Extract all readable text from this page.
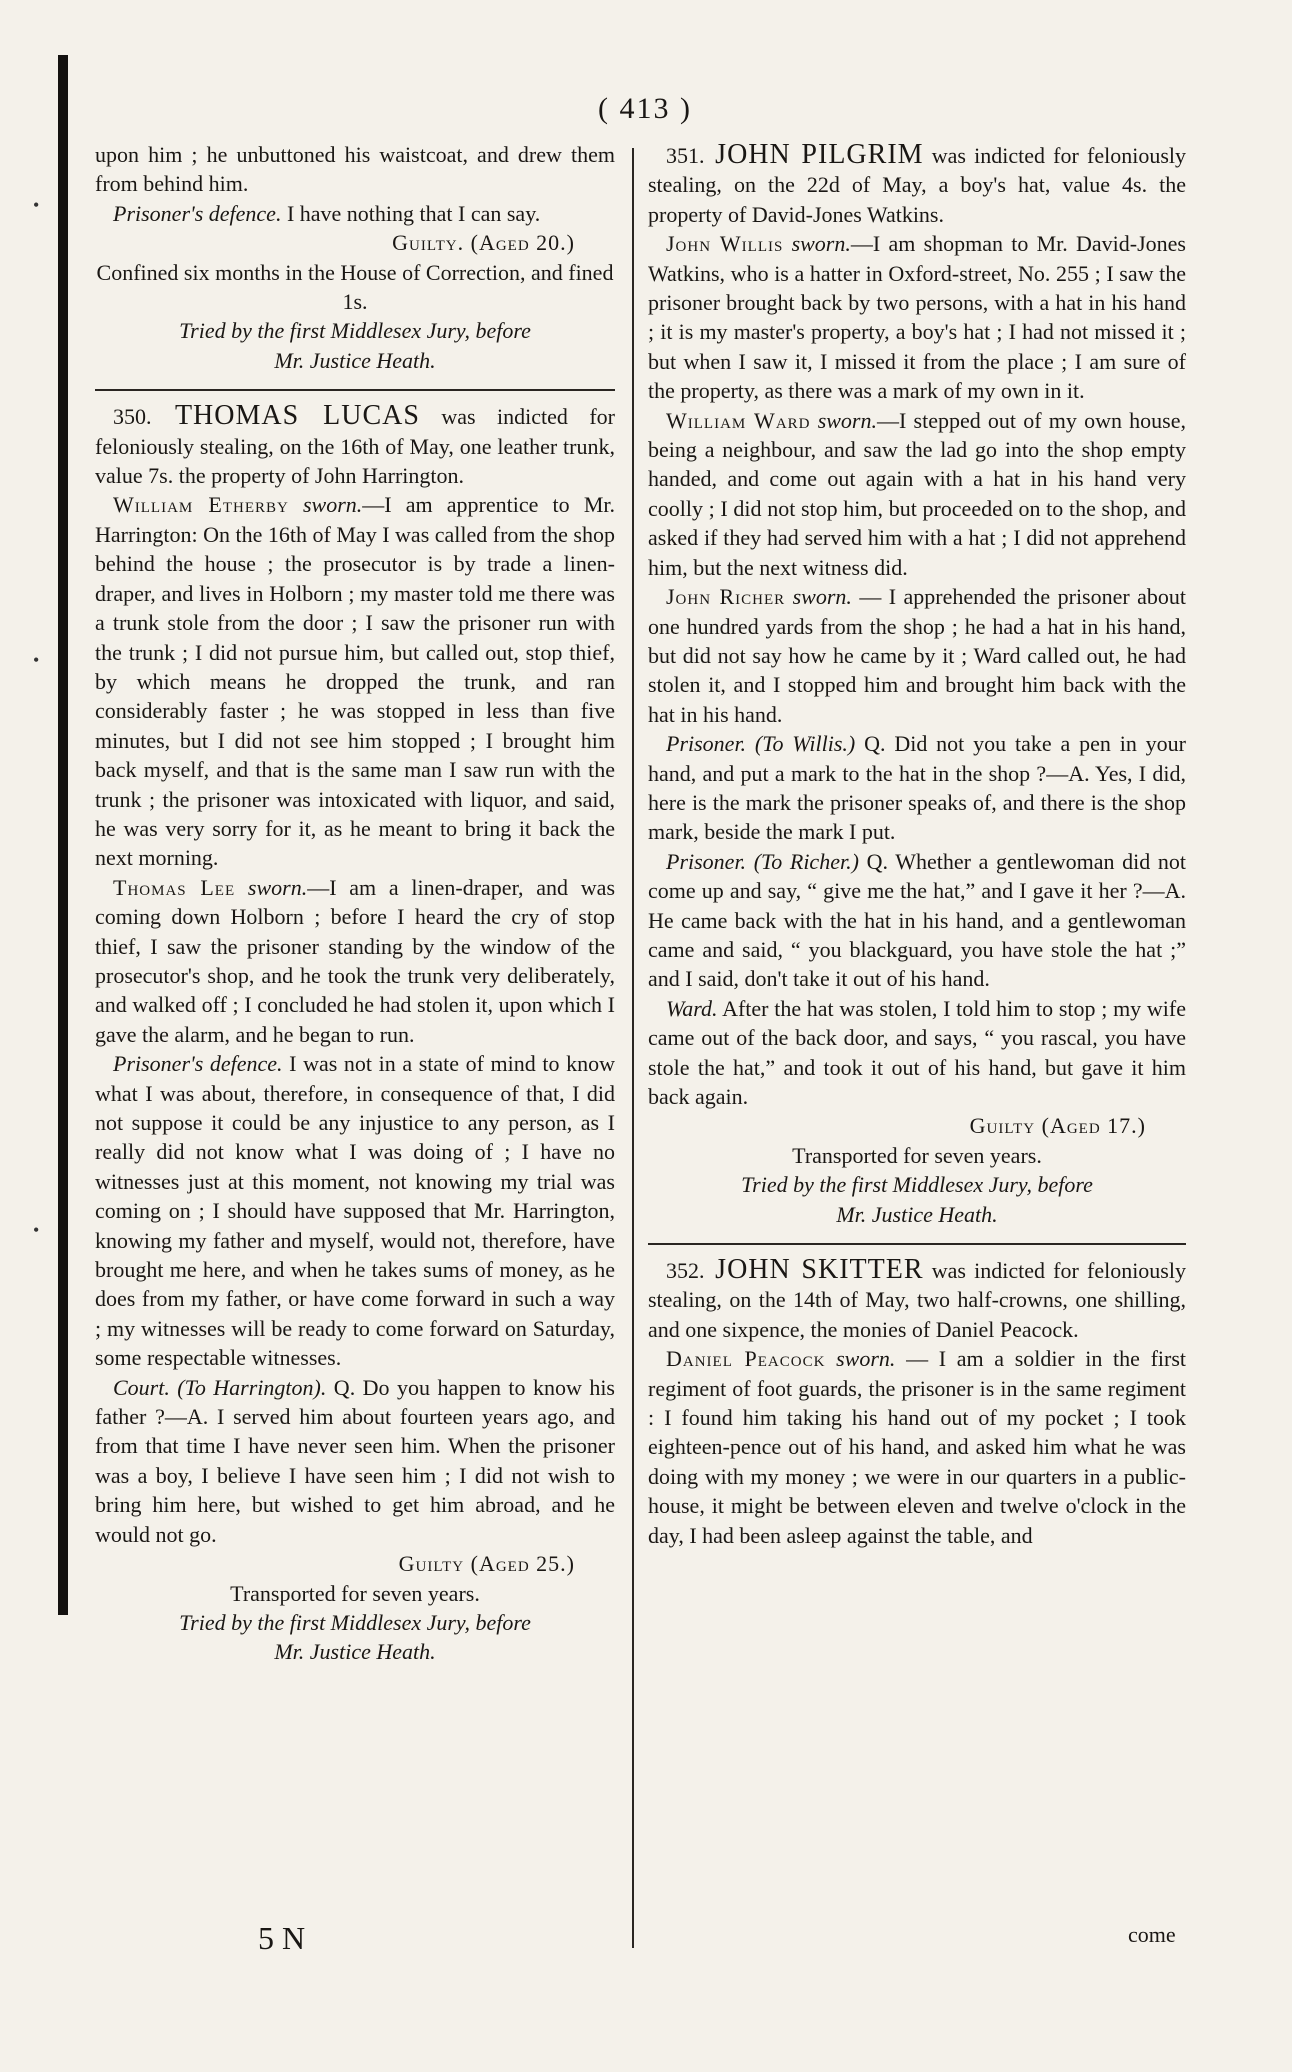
•
•
•
( 413 )

upon him ; he unbuttoned his waistcoat, and drew them from behind him.

Prisoner's defence. I have nothing that I can say.

Guilty. (Aged 20.)

Confined six months in the House of Correction, and fined 1s.

Tried by the first Middlesex Jury, before

Mr. Justice Heath.

350. THOMAS LUCAS was indicted for feloniously stealing, on the 16th of May, one leather trunk, value 7s. the property of John Harrington.

William Etherby sworn.—I am apprentice to Mr. Harrington: On the 16th of May I was called from the shop behind the house ; the prosecutor is by trade a linen-draper, and lives in Holborn ; my master told me there was a trunk stole from the door ; I saw the prisoner run with the trunk ; I did not pursue him, but called out, stop thief, by which means he dropped the trunk, and ran considerably faster ; he was stopped in less than five minutes, but I did not see him stopped ; I brought him back myself, and that is the same man I saw run with the trunk ; the prisoner was intoxicated with liquor, and said, he was very sorry for it, as he meant to bring it back the next morning.

Thomas Lee sworn.—I am a linen-draper, and was coming down Holborn ; before I heard the cry of stop thief, I saw the prisoner standing by the window of the prosecutor's shop, and he took the trunk very deliberately, and walked off ; I concluded he had stolen it, upon which I gave the alarm, and he began to run.

Prisoner's defence. I was not in a state of mind to know what I was about, therefore, in consequence of that, I did not suppose it could be any injustice to any person, as I really did not know what I was doing of ; I have no witnesses just at this moment, not knowing my trial was coming on ; I should have supposed that Mr. Harrington, knowing my father and myself, would not, therefore, have brought me here, and when he takes sums of money, as he does from my father, or have come forward in such a way ; my witnesses will be ready to come forward on Saturday, some respectable witnesses.

Court. (To Harrington). Q. Do you happen to know his father ?—A. I served him about fourteen years ago, and from that time I have never seen him. When the prisoner was a boy, I believe I have seen him ; I did not wish to bring him here, but wished to get him abroad, and he would not go.

Guilty (Aged 25.)

Transported for seven years.

Tried by the first Middlesex Jury, before

Mr. Justice Heath.

5 N

351. JOHN PILGRIM was indicted for feloniously stealing, on the 22d of May, a boy's hat, value 4s. the property of David-Jones Watkins.

John Willis sworn.—I am shopman to Mr. David-Jones Watkins, who is a hatter in Oxford-street, No. 255 ; I saw the prisoner brought back by two persons, with a hat in his hand ; it is my master's property, a boy's hat ; I had not missed it ; but when I saw it, I missed it from the place ; I am sure of the property, as there was a mark of my own in it.

William Ward sworn.—I stepped out of my own house, being a neighbour, and saw the lad go into the shop empty handed, and come out again with a hat in his hand very coolly ; I did not stop him, but proceeded on to the shop, and asked if they had served him with a hat ; I did not apprehend him, but the next witness did.

John Richer sworn. — I apprehended the prisoner about one hundred yards from the shop ; he had a hat in his hand, but did not say how he came by it ; Ward called out, he had stolen it, and I stopped him and brought him back with the hat in his hand.

Prisoner. (To Willis.) Q. Did not you take a pen in your hand, and put a mark to the hat in the shop ?—A. Yes, I did, here is the mark the prisoner speaks of, and there is the shop mark, beside the mark I put.

Prisoner. (To Richer.) Q. Whether a gentlewoman did not come up and say, “ give me the hat,” and I gave it her ?—A. He came back with the hat in his hand, and a gentlewoman came and said, “ you blackguard, you have stole the hat ;” and I said, don't take it out of his hand.

Ward. After the hat was stolen, I told him to stop ; my wife came out of the back door, and says, “ you rascal, you have stole the hat,” and took it out of his hand, but gave it him back again.

Guilty (Aged 17.)

Transported for seven years.

Tried by the first Middlesex Jury, before

Mr. Justice Heath.

352. JOHN SKITTER was indicted for feloniously stealing, on the 14th of May, two half-crowns, one shilling, and one sixpence, the monies of Daniel Peacock.

Daniel Peacock sworn. — I am a soldier in the first regiment of foot guards, the prisoner is in the same regiment : I found him taking his hand out of my pocket ; I took eighteen-pence out of his hand, and asked him what he was doing with my money ; we were in our quarters in a public-house, it might be between eleven and twelve o'clock in the day, I had been asleep against the table, and

come
